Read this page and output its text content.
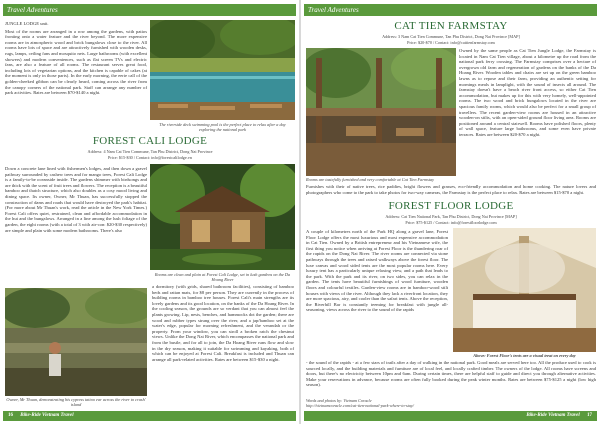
Travel Adventures
JUNGLE LODGE unit.
Most of the rooms are arranged in a row among the gardens, with patios fronting onto a water feature and the river beyond. The more expensive rooms are in atmospheric wood and brick bungalows close to the river. All rooms have lots of space and are attractively furnished with wooden desks, rugs, lamps, ceiling fans and mosquito nets. Large bathrooms (with excellent showers) and modern conveniences, such as flat screen TVs and electric fans, are also a feature of all rooms. The restaurant serves great food, including lots of vegetarian options, and the kitchen is capable of cakes (at the moment is only in those parts). In the early morning, the eerie call of the golden-cheeked gibbon can be clearly heard, coming across the river from the canopy corners of the national park. Staff can arrange any number of park activities. Rates are between $70-$140 a night.
The riverside deck swimming pool is the perfect place to relax after a day exploring the national park
FOREST CALI LODGE
Address: 4 Nam Cat Tien Commune, Tan Phu District, Dong Nai Province
Price: $15-$30 / Contact: info@forestcalilodge.vn
Down a concrete lane lined with fishermen's lodges, and then down a gravel pathway surrounded by cashew trees and for mango trees, Forest Cali Lodge is a family-to-be oceanside inside. The gardens shimmer with birdsongs and are thick with the scent of fruit trees and flowers. The reception is a beautiful bamboo and thatch structure, which also doubles as a cosy mood living and dining space. Its owner, Owner, Mr Thuan, has successfully stopped the construction of dams and roads that would have destroyed the park's habitat. (For more about Mr Thuan's work, read the article in the New York Times.) Forest Cali offers quiet, restrained, clean and affordable accommodation in the hut and the bungalows. Arranged in a line among the lush foliage of the garden, the eight rooms (with a total of 3 with air-con: $20-$30 respectively) are simple and plain with some modern bathrooms. There's also
Rooms are clean and plain at Forest Cali Lodge, set in lush gardens on the Da Hoang River
Owner, Mr Thuan, demonstrating his cypress tattoo ear across the river to crash' island
a dormitory (with grids, shared bathroom facilities), consisting of bamboo beds and rattan mats, for $8 per person. They are currently in the process of building rooms in bamboo tree houses. Forest Cali's main strengths are its lovely gardens and its good location, on the banks of the Da Hoang River. In the cooling season, the grounds are so verdant that you can almost feel the plants growing. Lip, nests, benches, and hammocks dot the garden; there are wood and rubber types strung over the river, and a jap/bamboo set at the water's edge, popular for morning refreshment, and the verandah or the property. From your window, you can stroll a broken ratch the chestnut views. Unlike the Dong Nai River, which encompasses the national park and from the bustle, and for all to join, the Da Hoang River runs flow and slow in the dry season, making it suitable for swimming and kayaking, both of which can be enjoyed at Forest Cali. Breakfast is included and Thuan can arrange all park-related activities. Rates are between $15-$30 a night.
16 Bike-Ride Vietnam Travel
Travel Adventures
CAT TIEN FARMSTAY
Address: 3 Nam Cat Tien Commune, Tan Phu District, Dong Nai Province [MAP]
Price: $20-$70 / Contact: info@cattienfarmstay.com
Rooms are tastefully furnished and very comfortable at Cat Tien Farmstay
Owned by the same people as Cat Tien Jungle Lodge, the Farmstay is located in Nam Cat Tien village, about a kilometre up the road from the national park ferry crossing. The Farmstay comprises over a hectare of overgrown old farm and regeneration of gardens on the banks of the Da Hoang River. Wooden tables and chairs are set up on the green bamboo lawns as to repose and their farm, providing an authentic setting for mornings meals in lamplight, with the sound of insects all around. The farmstay doesn't have a beach river front access, so either Cat Tien accommodation, but makes up for this with very homely, well-appointed rooms. The two wood and brick bungalows located in the river are spacious family rooms, which would also be perfect for a small group of travellers. The recent garden-view rooms are housed in an attractive wooden-on stilts, with an open-sided ground floor living area. Rooms are positioned around a central stairwell. Rooms have polished floors, plenty of wall space, feature large bathrooms, and some even have private terraces. Rates are between $20-$70 a night.
Furnishes with their of native trees, rice paddies, bright flowers and grasses, eco-friendly accommodation and home cooking. The nature lovers and photographers who come to the park to take photos for two-way cameras, the Farmstay is the perfect place to relax. Rates are between $15-$70 a night.
FOREST FLOOR LODGE
Address: Cat Tien National Park, Tan Phu District, Dong Nai Province [MAP]
Price: $75-$125 / Contact: info@forestfloorlodge.com
A couple of kilometres north of the Park HQ along a gravel lane, Forest Floor Lodge offers the most luxurious and most expensive accommodation in Cat Tien. Owned by a British entrepreneur and his Vietnamese wife, the first thing you notice when arriving at Forest Floor is the thundering roar of the rapids on the Dong Nai River. The river rooms are connected via stone pathways through the trees and raised walkways above the forest floor. The luxe canvas and wood sided tents are the most popular rooms here. Every luxury tent has a particularly unique relaxing view, and a path that leads to the park. With the park and its river, on two sides, you can relax in the garden. The tents have beautiful furnishings of wood furniture, wooden floors and colourful textiles. Garden-view rooms are in bamboo-wood stilt houses with views of the river. Although they lack a riverfront location, they are more spacious, airy, and cooler than the safari tents. Above the reception, the Riverhill Bar is constantly teeming for breakfast with jungle all-seasoning, views across the river to the sound of the rapids
Above: Forest Floor's tents are a visual treat on every day
- the sound of the rapids - at a few stars of trails after a day of walking in the national park. Good meals are served here too. All the produce used to cook is sourced locally, and the building materials and furniture are of local feel, and locally crafted timber. The owners of the lodge. All rooms have screens and doors, but there's no electricity between 10pm and 6am. During certain times, there are helpful staff to guide and direct you through alternative activities. Make your reservations in advance, because rooms are often fully booked during the peak winter months. Rates are between $75-$125 a night (low high season).
Words and photos by: Vietnam Coracle
http://vietnamcoracle.com/cat-tien-national-park-where-to-stay/
Bike-Ride Vietnam Travel 17
